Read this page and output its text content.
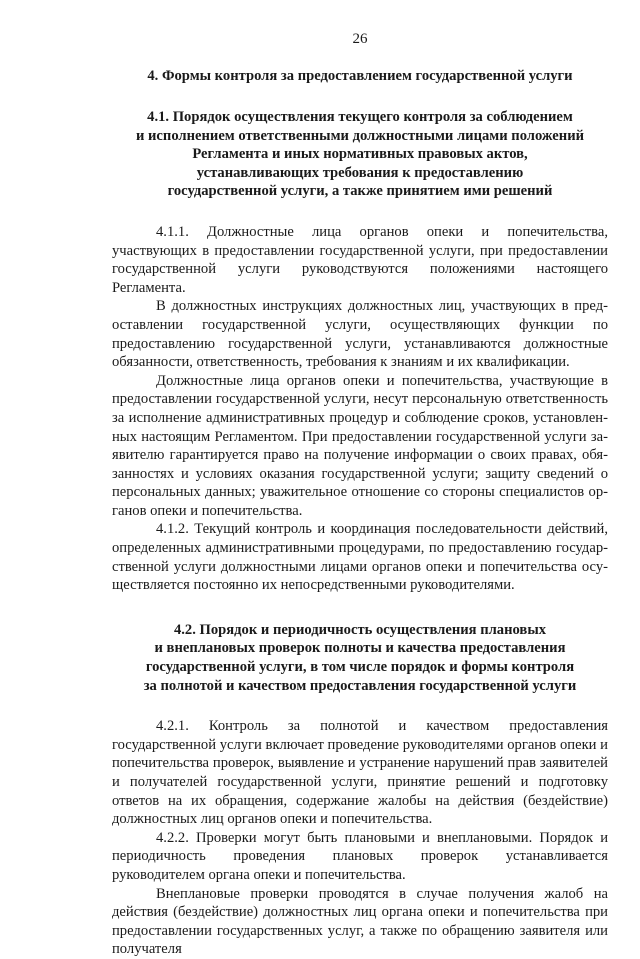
26
4. Формы контроля за предоставлением государственной услуги
4.1. Порядок осуществления текущего контроля за соблюдением
и исполнением ответственными должностными лицами положений
Регламента и иных нормативных правовых актов,
устанавливающих требования к предоставлению
государственной услуги, а также принятием ими решений

4.1.1. Должностные лица органов опеки и попечительства, участвующих в предоставлении государственной услуги, при предоставлении государственной услуги руководствуются положениями настоящего Регламента.

В должностных инструкциях должностных лиц, участвующих в предоставлении государственной услуги, осуществляющих функции по предоставлению государственной услуги, устанавливаются должностные обязанности, ответственность, требования к знаниям и их квалификации.

Должностные лица органов опеки и попечительства, участвующие в предоставлении государственной услуги, несут персональную ответственность за исполнение административных процедур и соблюдение сроков, установленных настоящим Регламентом. При предоставлении государственной услуги заявителю гарантируется право на получение информации о своих правах, обязанностях и условиях оказания государственной услуги; защиту сведений о персональных данных; уважительное отношение со стороны специалистов органов опеки и попечительства.

4.1.2. Текущий контроль и координация последовательности действий, определенных административными процедурами, по предоставлению государственной услуги должностными лицами органов опеки и попечительства осуществляется постоянно их непосредственными руководителями.

4.2. Порядок и периодичность осуществления плановых
и внеплановых проверок полноты и качества предоставления
государственной услуги, в том числе порядок и формы контроля
за полнотой и качеством предоставления государственной услуги

4.2.1. Контроль за полнотой и качеством предоставления государственной услуги включает проведение руководителями органов опеки и попечительства проверок, выявление и устранение нарушений прав заявителей и получателей государственной услуги, принятие решений и подготовку ответов на их обращения, содержание жалобы на действия (бездействие) должностных лиц органов опеки и попечительства.

4.2.2. Проверки могут быть плановыми и внеплановыми. Порядок и периодичность проведения плановых проверок устанавливается руководителем органа опеки и попечительства.

Внеплановые проверки проводятся в случае получения жалоб на действия (бездействие) должностных лиц органа опеки и попечительства при предоставлении государственных услуг, а также по обращению заявителя или получателя
